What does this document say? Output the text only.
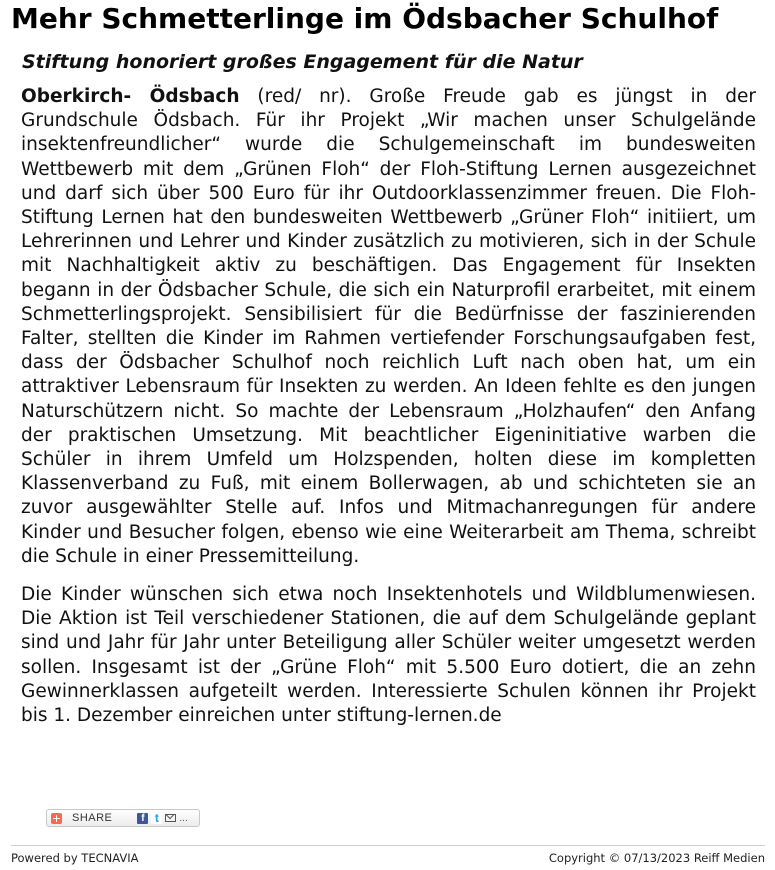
Mehr Schmetterlinge im Ödsbacher Schulhof
Stiftung honoriert großes Engagement für die Natur

Oberkirch- Ödsbach (red/ nr). Große Freude gab es jüngst in der Grundschule Ödsbach. Für ihr Projekt „Wir machen unser Schulgelände insektenfreundlicher“ wurde die Schulgemeinschaft im bundesweiten Wettbewerb mit dem „Grünen Floh“ der Floh-Stiftung Lernen ausgezeichnet und darf sich über 500 Euro für ihr Outdoorklassenzimmer freuen. Die Floh-Stiftung Lernen hat den bundesweiten Wettbewerb „Grüner Floh“ initiiert, um Lehrerinnen und Lehrer und Kinder zusätzlich zu motivieren, sich in der Schule mit Nachhaltigkeit aktiv zu beschäftigen. Das Engagement für Insekten begann in der Ödsbacher Schule, die sich ein Naturprofil erarbeitet, mit einem Schmetterlingsprojekt. Sensibilisiert für die Bedürfnisse der faszinierenden Falter, stellten die Kinder im Rahmen vertiefender Forschungsaufgaben fest, dass der Ödsbacher Schulhof noch reichlich Luft nach oben hat, um ein attraktiver Lebensraum für Insekten zu werden. An Ideen fehlte es den jungen Naturschützern nicht. So machte der Lebensraum „Holzhaufen“ den Anfang der praktischen Umsetzung. Mit beachtlicher Eigeninitiative warben die Schüler in ihrem Umfeld um Holzspenden, holten diese im kompletten Klassenverband zu Fuß, mit einem Bollerwagen, ab und schichteten sie an zuvor ausgewählter Stelle auf. Infos und Mitmachanregungen für andere Kinder und Besucher folgen, ebenso wie eine Weiterarbeit am Thema, schreibt die Schule in einer Pressemitteilung.

Die Kinder wünschen sich etwa noch Insektenhotels und Wildblumenwiesen. Die Aktion ist Teil verschiedener Stationen, die auf dem Schulgelände geplant sind und Jahr für Jahr unter Beteiligung aller Schüler weiter umgesetzt werden sollen. Insgesamt ist der „Grüne Floh“ mit 5.500 Euro dotiert, die an zehn Gewinnerklassen aufgeteilt werden. Interessierte Schulen können ihr Projekt bis 1. Dezember einreichen unter stiftung-lernen.de

SHARE	f t	...
Powered by TECNAVIA	Copyright © 07/13/2023 Reiff Medien
